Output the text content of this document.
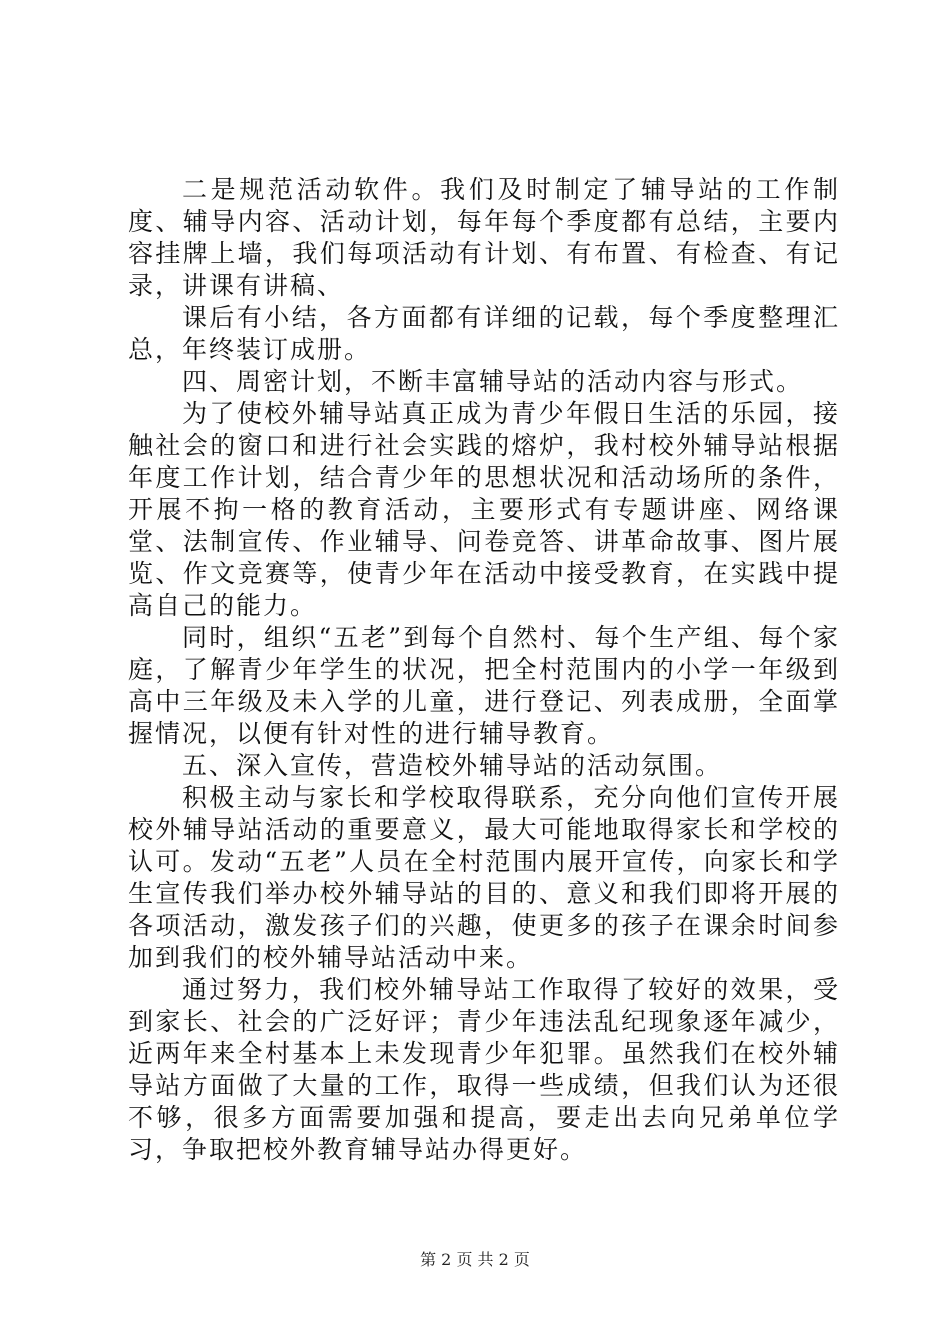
二是规范活动软件。我们及时制定了辅导站的工作制度、辅导内容、活动计划，每年每个季度都有总结，主要内容挂牌上墙，我们每项活动有计划、有布置、有检查、有记录，讲课有讲稿、

课后有小结，各方面都有详细的记载，每个季度整理汇总，年终装订成册。

四、周密计划，不断丰富辅导站的活动内容与形式。

为了使校外辅导站真正成为青少年假日生活的乐园，接触社会的窗口和进行社会实践的熔炉，我村校外辅导站根据年度工作计划，结合青少年的思想状况和活动场所的条件，开展不拘一格的教育活动，主要形式有专题讲座、网络课堂、法制宣传、作业辅导、问卷竞答、讲革命故事、图片展览、作文竞赛等，使青少年在活动中接受教育，在实践中提高自己的能力。

同时，组织“五老”到每个自然村、每个生产组、每个家庭，了解青少年学生的状况，把全村范围内的小学一年级到高中三年级及未入学的儿童，进行登记、列表成册，全面掌握情况，以便有针对性的进行辅导教育。

五、深入宣传，营造校外辅导站的活动氛围。

积极主动与家长和学校取得联系，充分向他们宣传开展校外辅导站活动的重要意义，最大可能地取得家长和学校的认可。发动“五老”人员在全村范围内展开宣传，向家长和学生宣传我们举办校外辅导站的目的、意义和我们即将开展的各项活动，激发孩子们的兴趣，使更多的孩子在课余时间参加到我们的校外辅导站活动中来。

通过努力，我们校外辅导站工作取得了较好的效果，受到家长、社会的广泛好评；青少年违法乱纪现象逐年减少，近两年来全村基本上未发现青少年犯罪。虽然我们在校外辅导站方面做了大量的工作，取得一些成绩，但我们认为还很不够，很多方面需要加强和提高，要走出去向兄弟单位学习，争取把校外教育辅导站办得更好。

第 2 页 共 2 页
